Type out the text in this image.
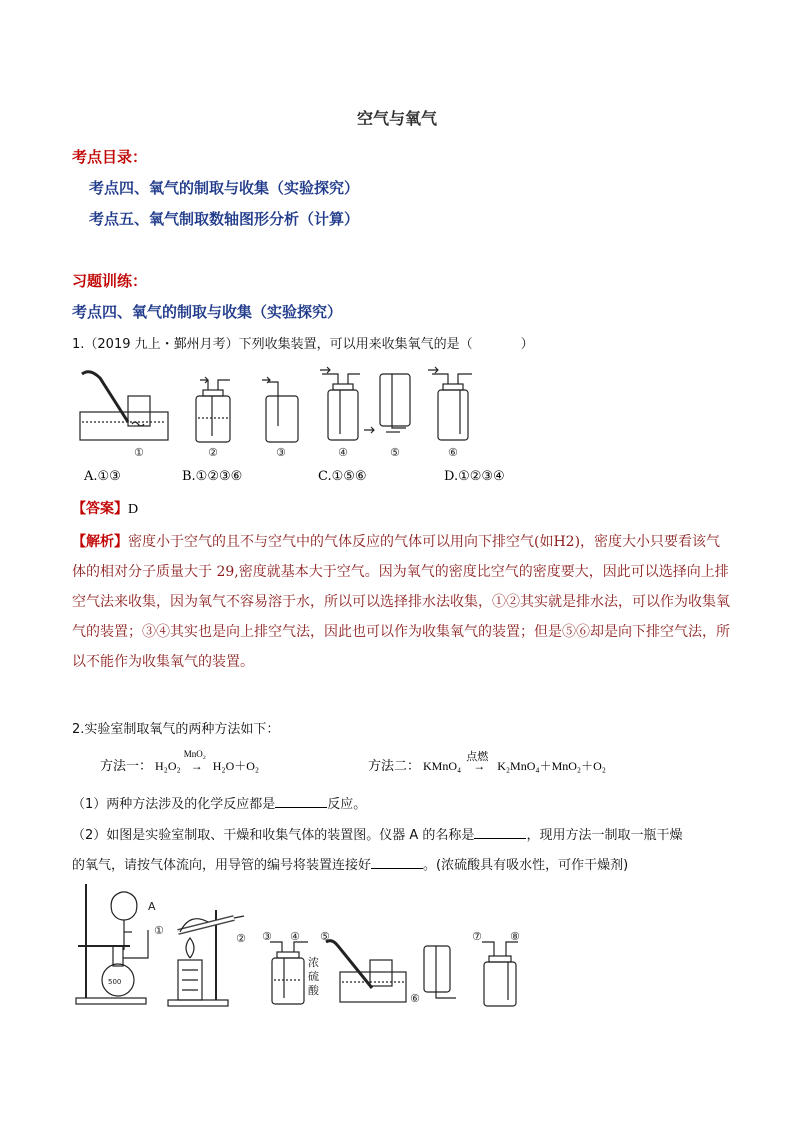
空气与氧气
考点目录：
考点四、氧气的制取与收集（实验探究）
考点五、氧气制取数轴图形分析（计算）
习题训练：
考点四、氧气的制取与收集（实验探究）
1.（2019 九上・鄞州月考）下列收集装置，可以用来收集氧气的是（	）
①	②	③	④	⑤	⑥
A.①③	B.①②③⑥	C.①⑤⑥	D.①②③④
【答案】D
【解析】密度小于空气的且不与空气中的气体反应的气体可以用向下排空气(如H2)，密度大小只要看该气体的相对分子质量大于 29,密度就基本大于空气。因为氧气的密度比空气的密度要大，因此可以选择向上排空气法来收集，因为氧气不容易溶于水，所以可以选择排水法收集，①②其实就是排水法，可以作为收集氧气的装置；③④其实也是向上排空气法，因此也可以作为收集氧气的装置；但是⑤⑥却是向下排空气法，所以不能作为收集氧气的装置。
2.实验室制取氧气的两种方法如下：
方法一： H₂O₂
MnO₂
→ H₂O＋O₂	方法二： KMnO₄
点燃
→ K₂MnO₄＋MnO₂＋O₂
（1）两种方法涉及的化学反应都是	反应。
（2）如图是实验室制取、干燥和收集气体的装置图。仪器 A 的名称是	，现用方法一制取一瓶干燥
的氧气，请按气体流向，用导管的编号将装置连接好	。(浓硫酸具有吸水性，可作干燥剂)
500
A
①
② ③ ④ ⑤
⑥
⑦	⑧
浓
硫
酸
